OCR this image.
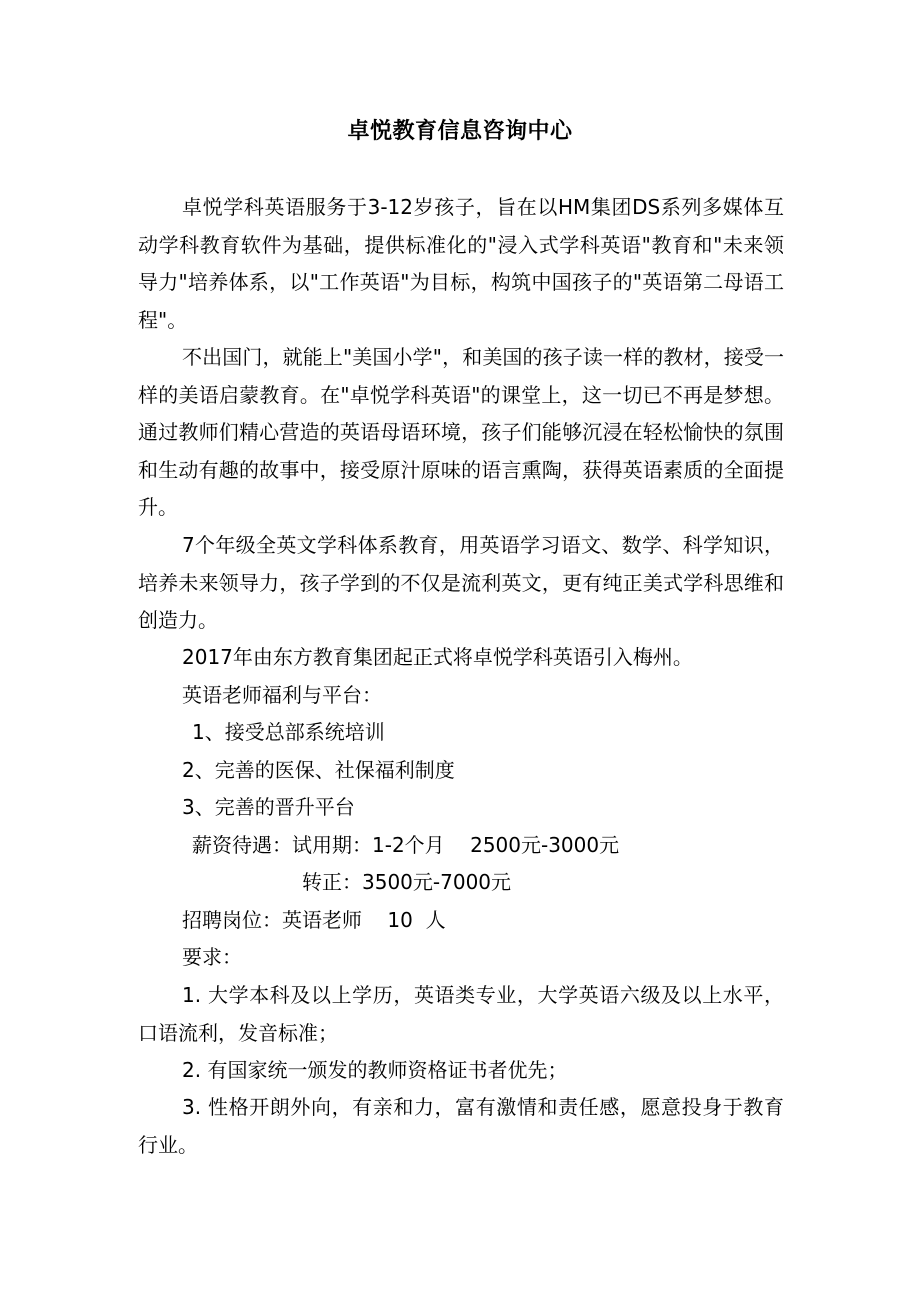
卓悦教育信息咨询中心

卓悦学科英语服务于3-12岁孩子，旨在以HM集团DS系列多媒体互动学科教育软件为基础，提供标准化的"浸入式学科英语"教育和"未来领导力"培养体系，以"工作英语"为目标，构筑中国孩子的"英语第二母语工程"。

不出国门，就能上"美国小学"，和美国的孩子读一样的教材，接受一样的美语启蒙教育。在"卓悦学科英语"的课堂上，这一切已不再是梦想。通过教师们精心营造的英语母语环境，孩子们能够沉浸在轻松愉快的氛围和生动有趣的故事中，接受原汁原味的语言熏陶，获得英语素质的全面提升。

7个年级全英文学科体系教育，用英语学习语文、数学、科学知识，培养未来领导力，孩子学到的不仅是流利英文，更有纯正美式学科思维和创造力。

2017年由东方教育集团起正式将卓悦学科英语引入梅州。

英语老师福利与平台：

1、接受总部系统培训

2、完善的医保、社保福利制度

3、完善的晋升平台

薪资待遇：试用期：1-2个月    2500元-3000元

转正：3500元-7000元

招聘岗位：英语老师    10  人

要求：

1. 大学本科及以上学历，英语类专业，大学英语六级及以上水平，口语流利，发音标准；

2. 有国家统一颁发的教师资格证书者优先；

3. 性格开朗外向，有亲和力，富有激情和责任感，愿意投身于教育行业。
